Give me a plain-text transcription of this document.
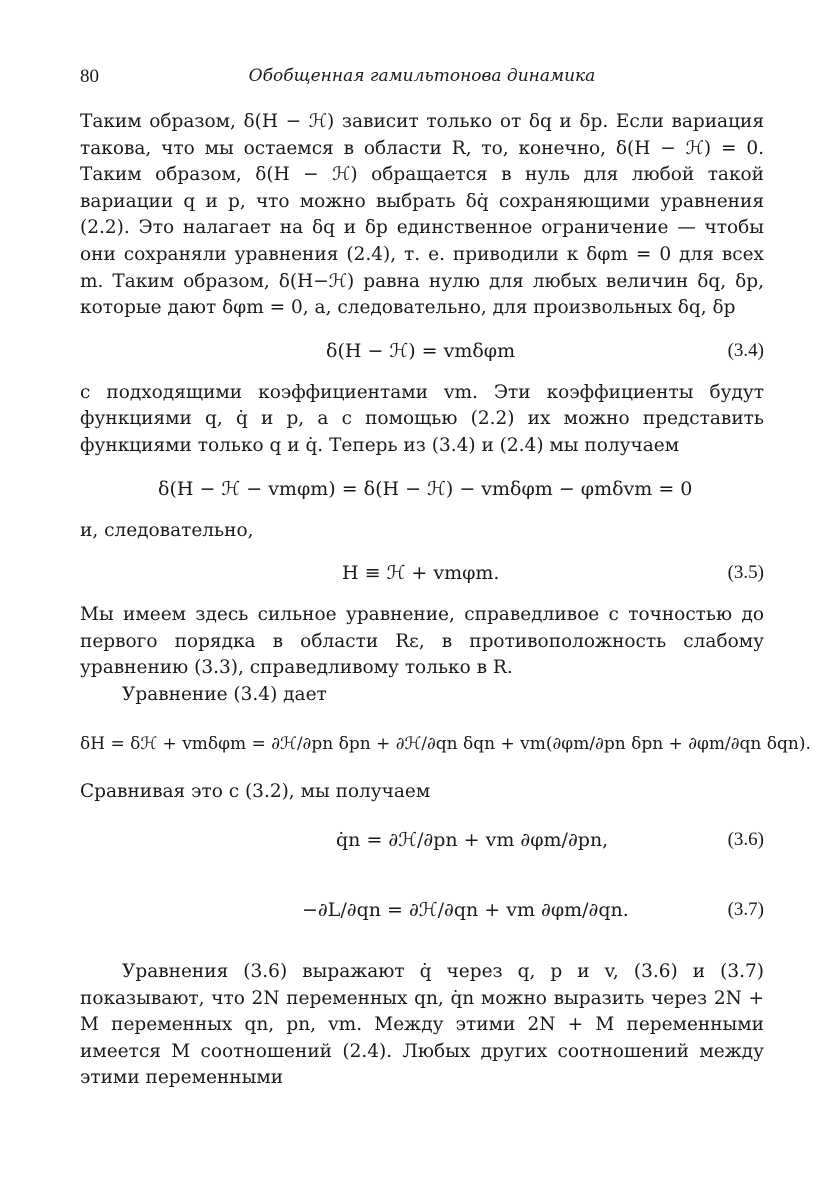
80	Обобщенная гамильтонова динамика

Таким образом, δ(H − ℋ) зависит только от δq и δp. Если вариация такова, что мы остаемся в области R, то, конечно, δ(H − ℋ) = 0. Таким образом, δ(H − ℋ) обращается в нуль для любой такой вариации q и p, что можно выбрать δq̇ сохраняющими уравнения (2.2). Это налагает на δq и δp единственное ограничение — чтобы они сохраняли уравнения (2.4), т. е. приводили к δφm = 0 для всех m. Таким образом, δ(H−ℋ) равна нулю для любых величин δq, δp, которые дают δφm = 0, а, следовательно, для произвольных δq, δp

δ(H − ℋ) = vmδφm	(3.4)

с подходящими коэффициентами vm. Эти коэффициенты будут функциями q, q̇ и p, а с помощью (2.2) их можно представить функциями только q и q̇. Теперь из (3.4) и (2.4) мы получаем

δ(H − ℋ − vmφm) = δ(H − ℋ) − vmδφm − φmδvm = 0

и, следовательно,

H ≡ ℋ + vmφm.	(3.5)

Мы имеем здесь сильное уравнение, справедливое с точностью до первого порядка в области Rε, в противоположность слабому уравнению (3.3), справедливому только в R.

Уравнение (3.4) дает

δH = δℋ + vmδφm = ∂ℋ/∂pn δpn + ∂ℋ/∂qn δqn + vm(∂φm/∂pn δpn + ∂φm/∂qn δqn).

Сравнивая это с (3.2), мы получаем

q̇n = ∂ℋ/∂pn + vm ∂φm/∂pn,	(3.6)
−∂L/∂qn = ∂ℋ/∂qn + vm ∂φm/∂qn.	(3.7)

Уравнения (3.6) выражают q̇ через q, p и v, (3.6) и (3.7) показывают, что 2N переменных qn, q̇n можно выразить через 2N + M переменных qn, pn, vm. Между этими 2N + M переменными имеется M соотношений (2.4). Любых других соотношений между этими переменными
